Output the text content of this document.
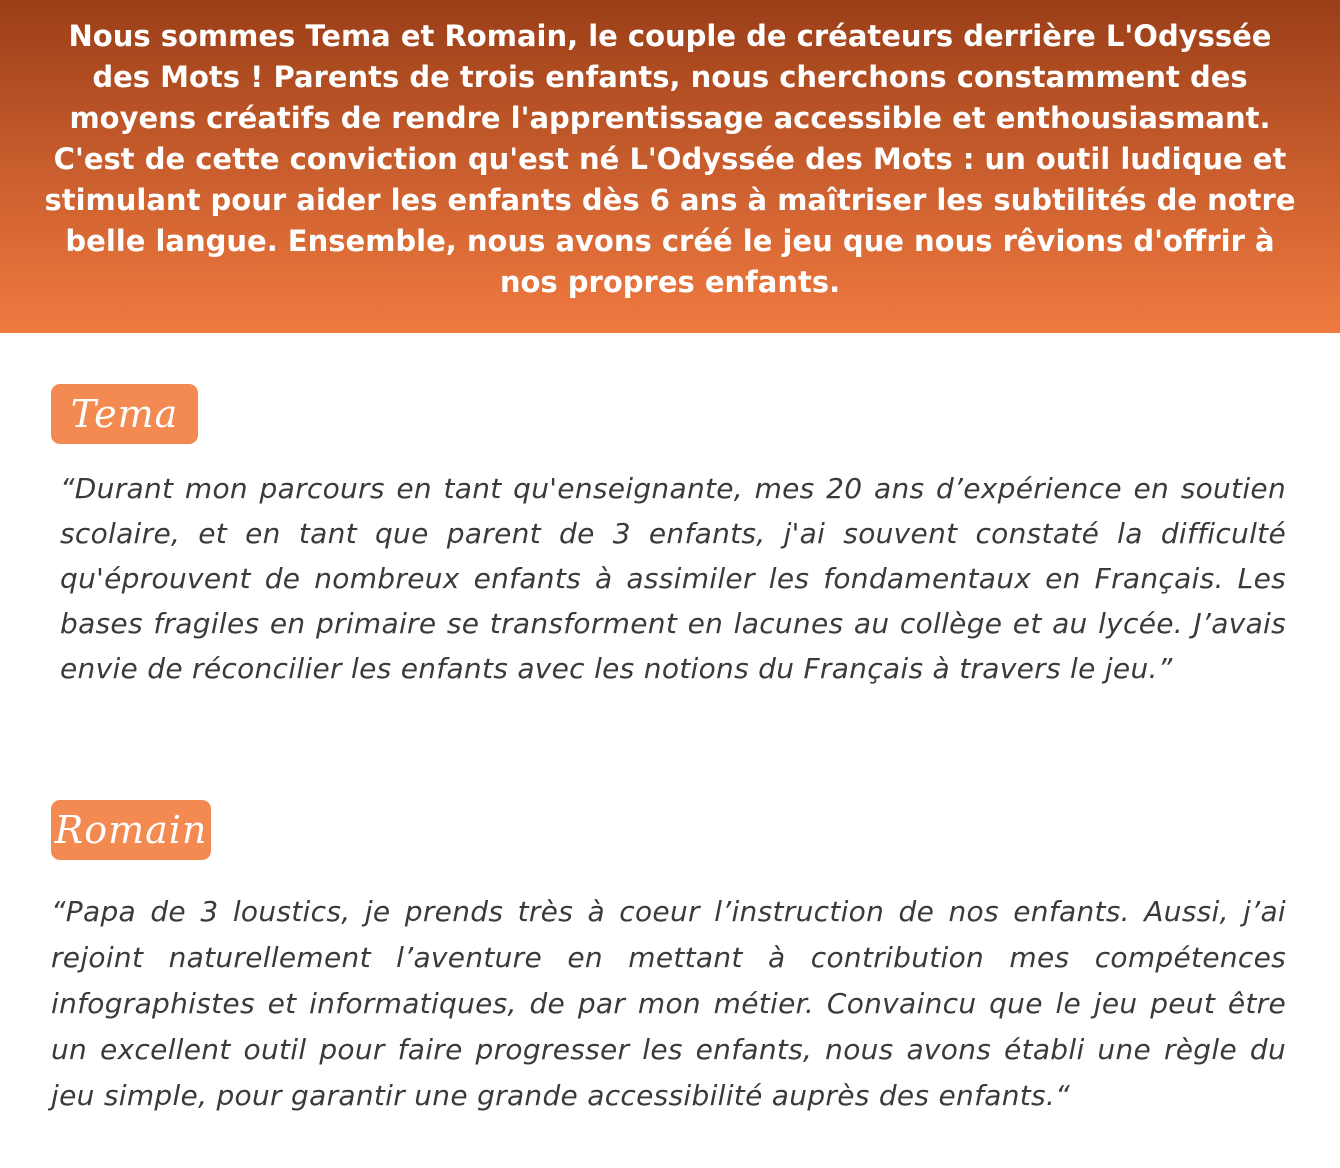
Nous sommes Tema et Romain, le couple de créateurs derrière L'Odyssée des Mots ! Parents de trois enfants, nous cherchons constamment des moyens créatifs de rendre l'apprentissage accessible et enthousiasmant. C'est de cette conviction qu'est né L'Odyssée des Mots : un outil ludique et stimulant pour aider les enfants dès 6 ans à maîtriser les subtilités de notre belle langue. Ensemble, nous avons créé le jeu que nous rêvions d'offrir à nos propres enfants.

Tema

“Durant mon parcours en tant qu'enseignante, mes 20 ans d’expérience en soutien scolaire, et en tant que parent de 3 enfants, j'ai souvent constaté la difficulté qu'éprouvent de nombreux enfants à assimiler les fondamentaux en Français. Les bases fragiles en primaire se transforment en lacunes au collège et au lycée. J’avais envie de réconcilier les enfants avec les notions du Français à travers le jeu.”

Romain

“Papa de 3 loustics, je prends très à coeur l’instruction de nos enfants. Aussi, j’ai rejoint naturellement l’aventure en mettant à contribution mes compétences infographistes et informatiques, de par mon métier. Convaincu que le jeu peut être un excellent outil pour faire progresser les enfants, nous avons établi une règle du jeu simple, pour garantir une grande accessibilité auprès des enfants.“
